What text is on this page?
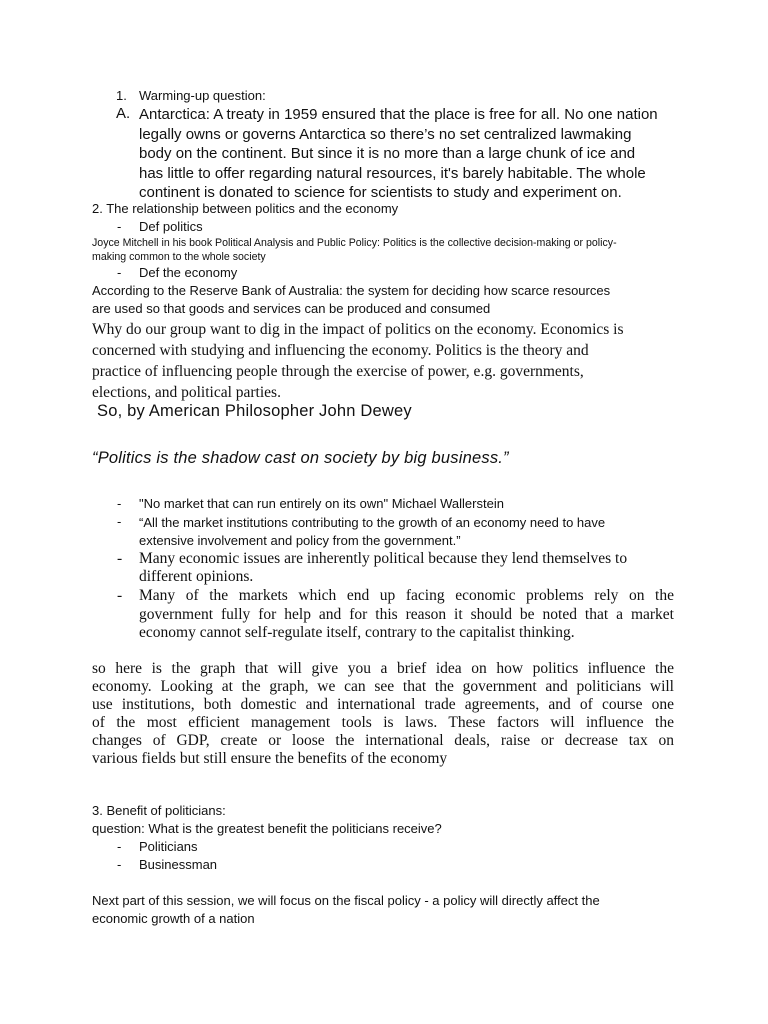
1. Warming-up question:
A. Antarctica: A treaty in 1959 ensured that the place is free for all. No one nation
legally owns or governs Antarctica so there’s no set centralized lawmaking
body on the continent. But since it is no more than a large chunk of ice and
has little to offer regarding natural resources, it's barely habitable. The whole
continent is donated to science for scientists to study and experiment on.
2. The relationship between politics and the economy
- Def politics
Joyce Mitchell in his book Political Analysis and Public Policy: Politics is the collective decision-making or policy-
making common to the whole society
- Def the economy
According to the Reserve Bank of Australia: the system for deciding how scarce resources
are used so that goods and services can be produced and consumed
Why do our group want to dig in the impact of politics on the economy. Economics is
concerned with studying and influencing the economy. Politics is the theory and
practice of influencing people through the exercise of power, e.g. governments,
elections, and political parties.
So, by American Philosopher John Dewey
“Politics is the shadow cast on society by big business.”
- "No market that can run entirely on its own" Michael Wallerstein
- “All the market institutions contributing to the growth of an economy need to have
extensive involvement and policy from the government.”
- Many economic issues are inherently political because they lend themselves to
different opinions.
- Many of the markets which end up facing economic problems rely on the
government fully for help and for this reason it should be noted that a market
economy cannot self-regulate itself, contrary to the capitalist thinking.
so here is the graph that will give you a brief idea on how politics influence the
economy. Looking at the graph, we can see that the government and politicians will
use institutions, both domestic and international trade agreements, and of course one
of the most efficient management tools is laws. These factors will influence the
changes of GDP, create or loose the international deals, raise or decrease tax on
various fields but still ensure the benefits of the economy
3. Benefit of politicians:
question: What is the greatest benefit the politicians receive?
- Politicians
- Businessman
Next part of this session, we will focus on the fiscal policy - a policy will directly affect the
economic growth of a nation
